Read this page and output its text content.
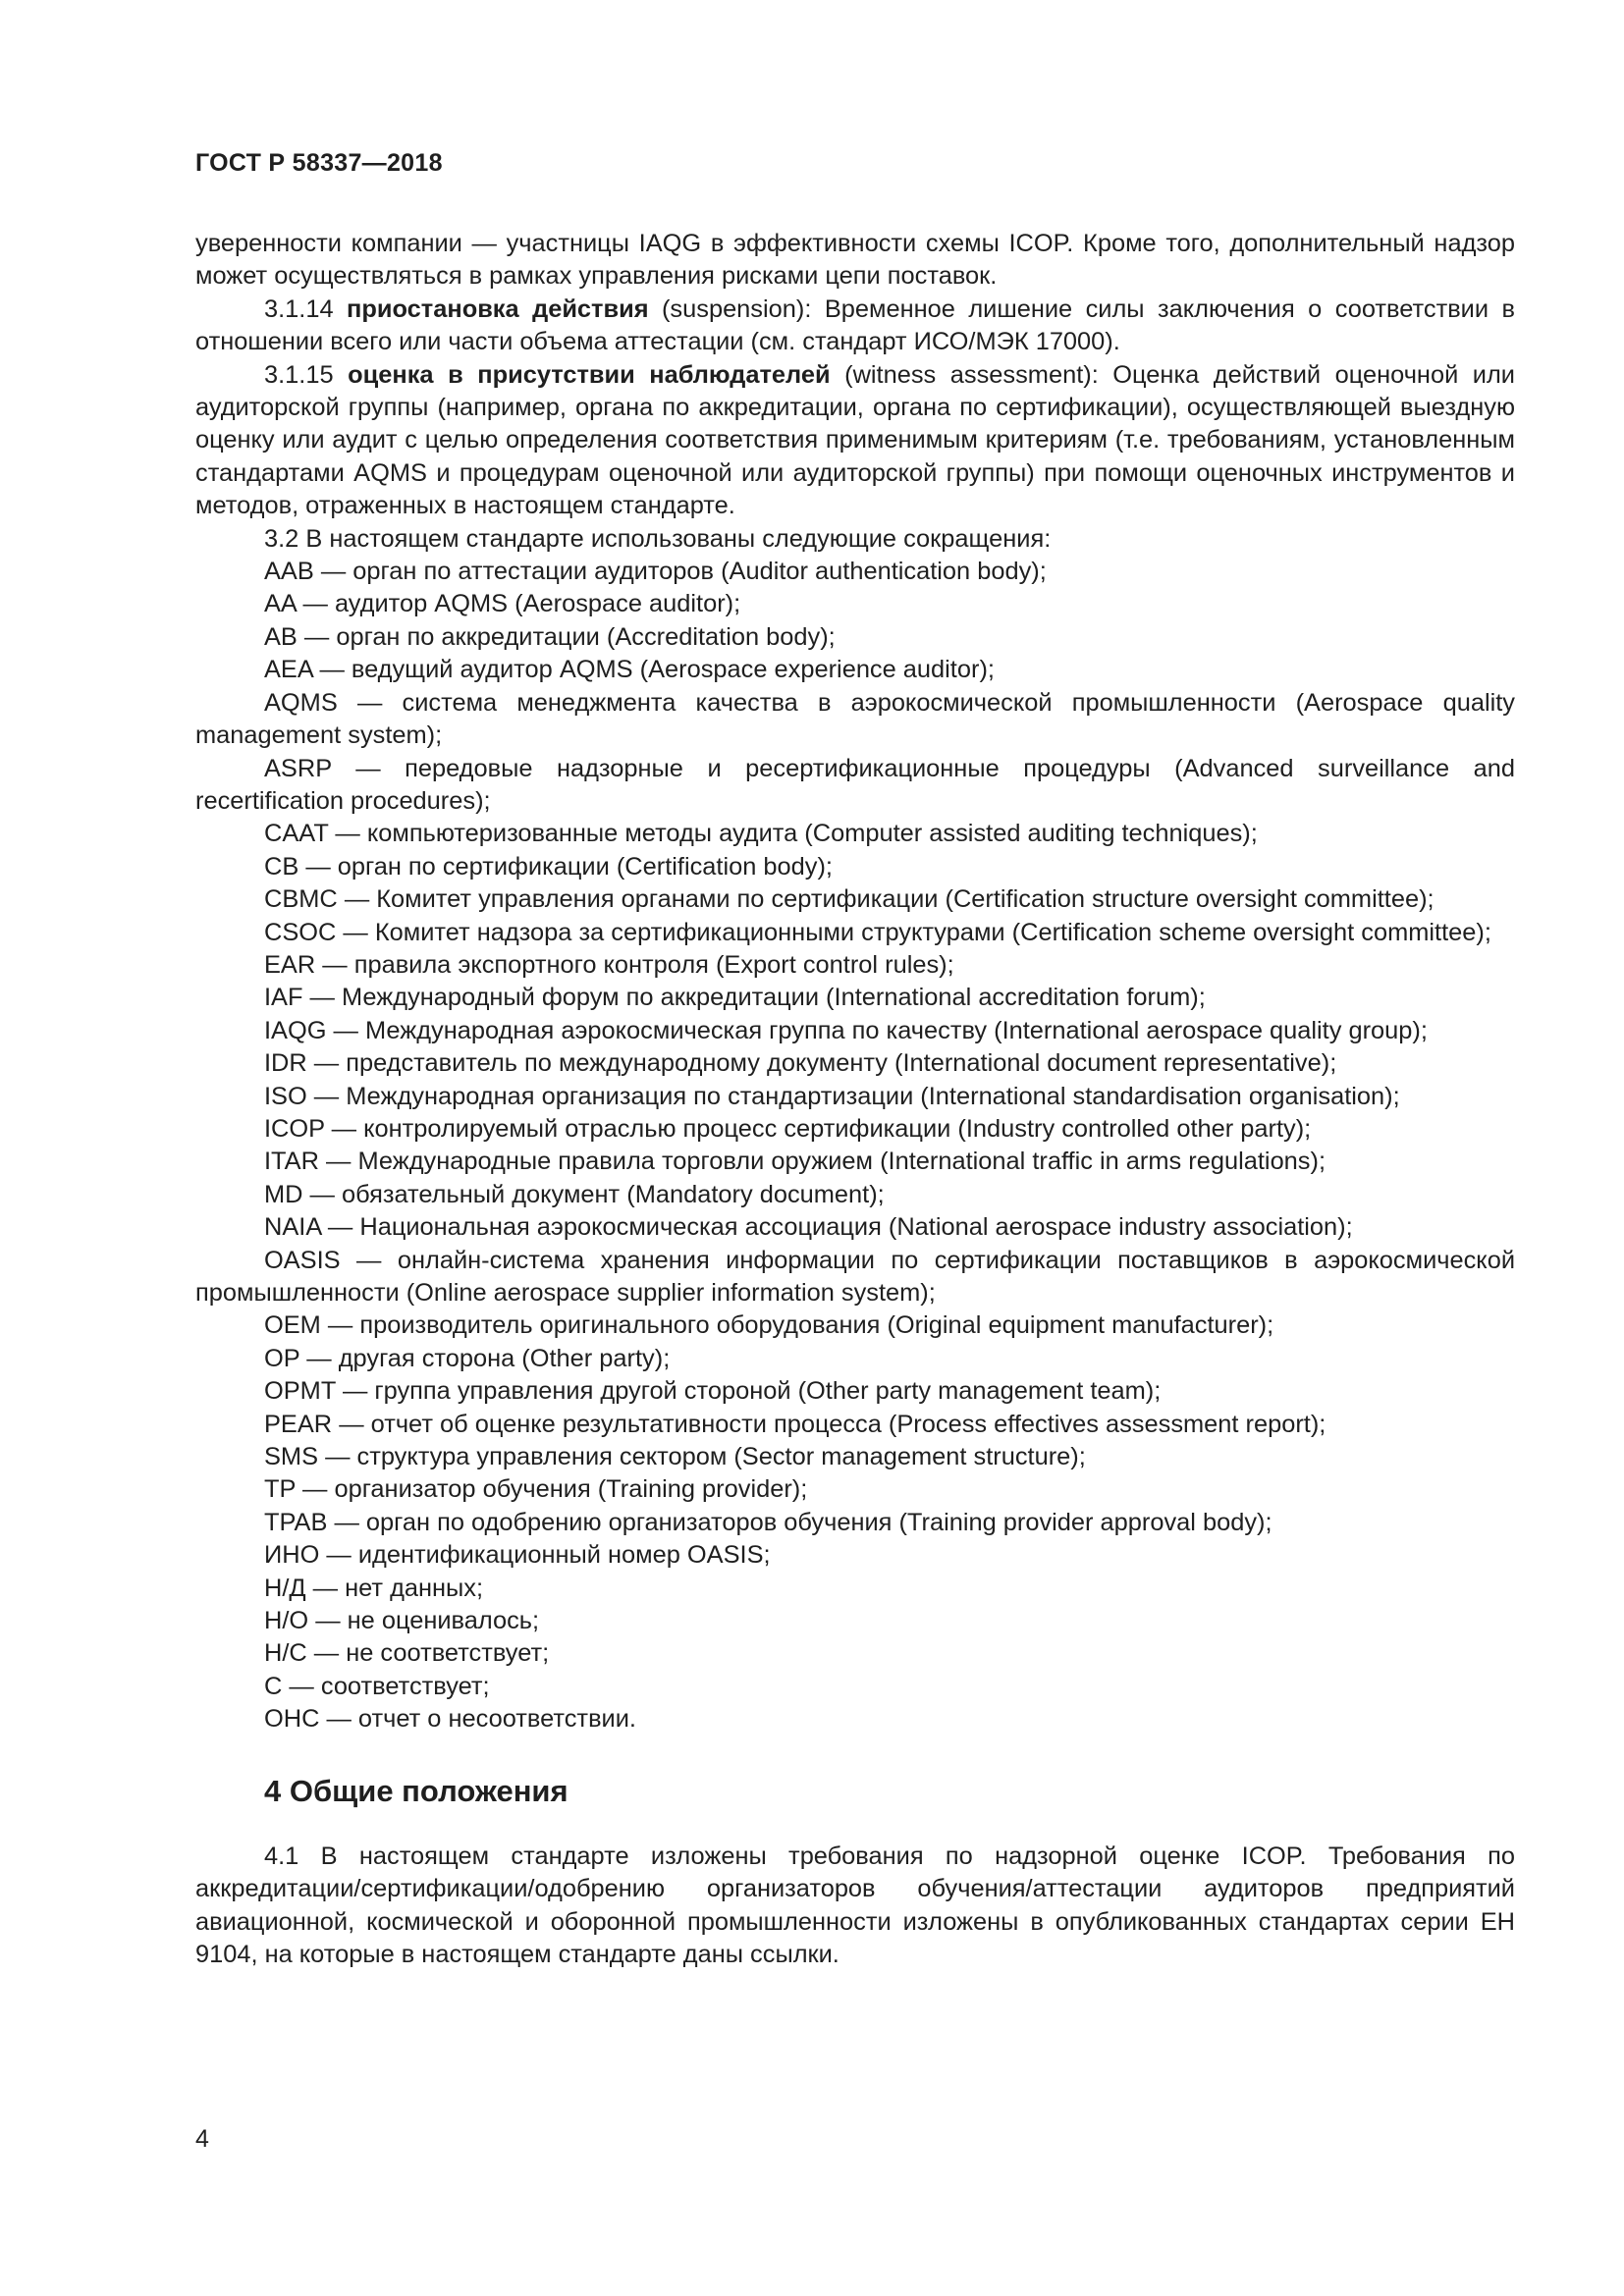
ГОСТ Р 58337—2018

уверенности компании — участницы IAQG в эффективности схемы ICOP. Кроме того, дополнительный надзор может осуществляться в рамках управления рисками цепи поставок.

3.1.14 приостановка действия (suspension): Временное лишение силы заключения о соответствии в отношении всего или части объема аттестации (см. стандарт ИСО/МЭК 17000).

3.1.15 оценка в присутствии наблюдателей (witness assessment): Оценка действий оценочной или аудиторской группы (например, органа по аккредитации, органа по сертификации), осуществляющей выездную оценку или аудит с целью определения соответствия применимым критериям (т.е. требованиям, установленным стандартами AQMS и процедурам оценочной или аудиторской группы) при помощи оценочных инструментов и методов, отраженных в настоящем стандарте.

3.2 В настоящем стандарте использованы следующие сокращения:

AAB — орган по аттестации аудиторов (Auditor authentication body);

AA — аудитор AQMS (Aerospace auditor);

AB — орган по аккредитации (Accreditation body);

AEA — ведущий аудитор AQMS (Aerospace experience auditor);

AQMS — система менеджмента качества в аэрокосмической промышленности (Aerospace quality management system);

ASRP — передовые надзорные и ресертификационные процедуры (Advanced surveillance and recertification procedures);

CAAT — компьютеризованные методы аудита (Computer assisted auditing techniques);

CB — орган по сертификации (Certification body);

CBMC — Комитет управления органами по сертификации (Certification structure oversight committee);

CSOC — Комитет надзора за сертификационными структурами (Certification scheme oversight committee);

EAR — правила экспортного контроля (Export control rules);

IAF — Международный форум по аккредитации (International accreditation forum);

IAQG — Международная аэрокосмическая группа по качеству (International aerospace quality group);

IDR — представитель по международному документу (International document representative);

ISO — Международная организация по стандартизации (International standardisation organisation);

ICOP — контролируемый отраслью процесс сертификации (Industry controlled other party);

ITAR — Международные правила торговли оружием (International traffic in arms regulations);

MD — обязательный документ (Mandatory document);

NAIA — Национальная аэрокосмическая ассоциация (National aerospace industry association);

OASIS — онлайн-система хранения информации по сертификации поставщиков в аэрокосмической промышленности (Online aerospace supplier information system);

OEM — производитель оригинального оборудования (Original equipment manufacturer);

OP — другая сторона (Other party);

OPMT — группа управления другой стороной (Other party management team);

PEAR — отчет об оценке результативности процесса (Process effectives assessment report);

SMS — структура управления сектором (Sector management structure);

TP — организатор обучения (Training provider);

TPAB — орган по одобрению организаторов обучения (Training provider approval body);

ИНО — идентификационный номер OASIS;

Н/Д — нет данных;

Н/О — не оценивалось;

Н/С — не соответствует;

С — соответствует;

ОНС — отчет о несоответствии.

4 Общие положения

4.1 В настоящем стандарте изложены требования по надзорной оценке ICOP. Требования по аккредитации/сертификации/одобрению организаторов обучения/аттестации аудиторов предприятий авиационной, космической и оборонной промышленности изложены в опубликованных стандартах серии EH 9104, на которые в настоящем стандарте даны ссылки.

4
